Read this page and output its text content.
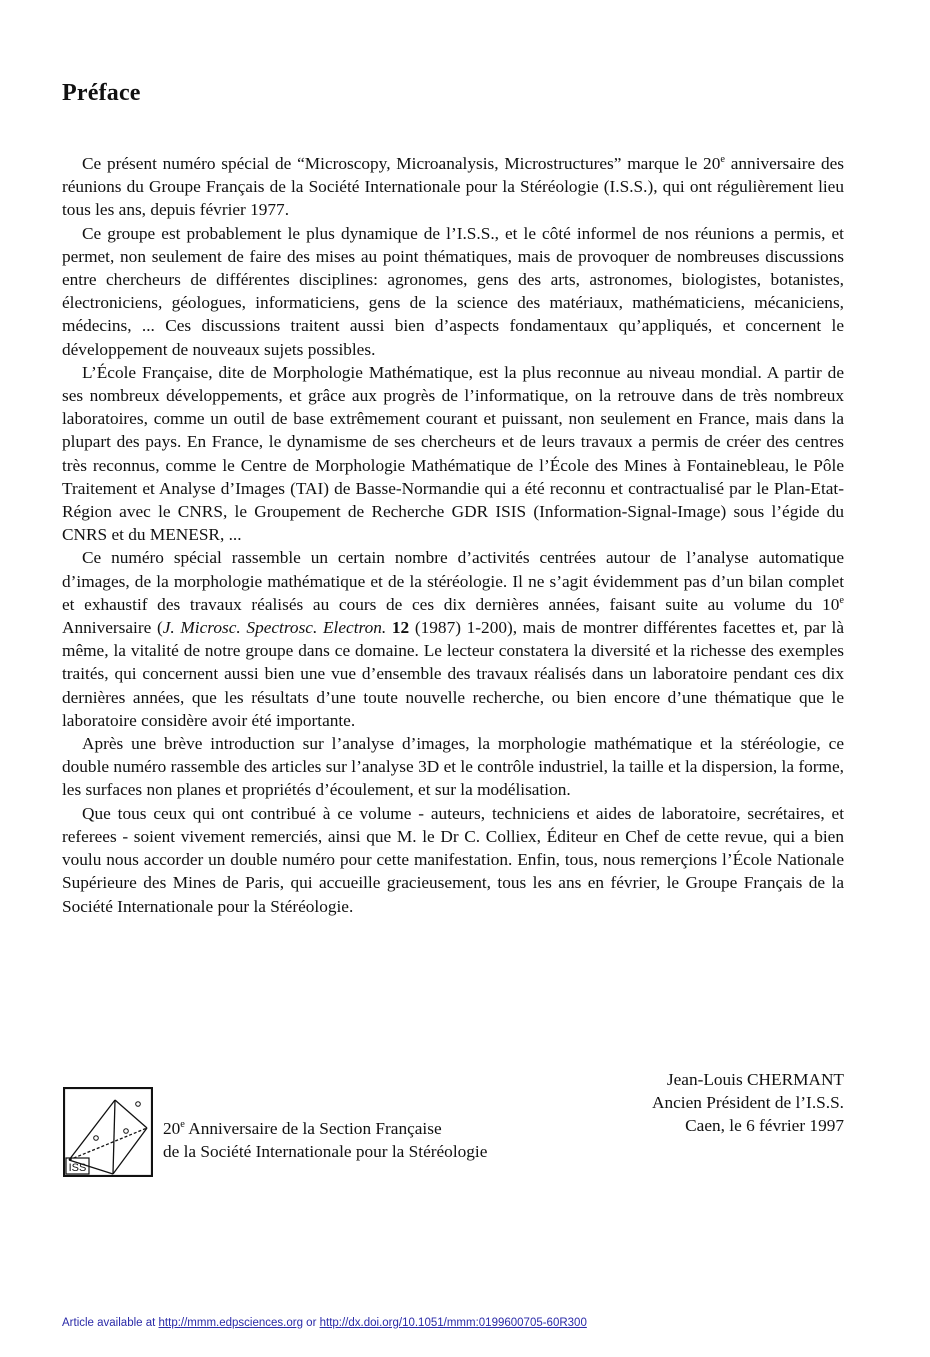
Préface

Ce présent numéro spécial de “Microscopy, Microanalysis, Microstructures” marque le 20e anniversaire des réunions du Groupe Français de la Société Internationale pour la Stéréologie (I.S.S.), qui ont régulièrement lieu tous les ans, depuis février 1977.

Ce groupe est probablement le plus dynamique de l’I.S.S., et le côté informel de nos réunions a permis, et permet, non seulement de faire des mises au point thématiques, mais de provoquer de nombreuses discussions entre chercheurs de différentes disciplines: agronomes, gens des arts, astronomes, biologistes, botanistes, électroniciens, géologues, informaticiens, gens de la science des matériaux, mathématiciens, mécaniciens, médecins, ... Ces discussions traitent aussi bien d’aspects fondamentaux qu’appliqués, et concernent le développement de nouveaux sujets possibles.

L’École Française, dite de Morphologie Mathématique, est la plus reconnue au niveau mondial. A partir de ses nombreux développements, et grâce aux progrès de l’informatique, on la retrouve dans de très nombreux laboratoires, comme un outil de base extrêmement courant et puissant, non seulement en France, mais dans la plupart des pays. En France, le dynamisme de ses chercheurs et de leurs travaux a permis de créer des centres très reconnus, comme le Centre de Morphologie Mathématique de l’École des Mines à Fontainebleau, le Pôle Traitement et Analyse d’Images (TAI) de Basse-Normandie qui a été reconnu et contractualisé par le Plan-Etat-Région avec le CNRS, le Groupement de Recherche GDR ISIS (Information-Signal-Image) sous l’égide du CNRS et du MENESR, ...

Ce numéro spécial rassemble un certain nombre d’activités centrées autour de l’analyse automatique d’images, de la morphologie mathématique et de la stéréologie. Il ne s’agit évidemment pas d’un bilan complet et exhaustif des travaux réalisés au cours de ces dix dernières années, faisant suite au volume du 10e Anniversaire (J. Microsc. Spectrosc. Electron. 12 (1987) 1-200), mais de montrer différentes facettes et, par là même, la vitalité de notre groupe dans ce domaine. Le lecteur constatera la diversité et la richesse des exemples traités, qui concernent aussi bien une vue d’ensemble des travaux réalisés dans un laboratoire pendant ces dix dernières années, que les résultats d’une toute nouvelle recherche, ou bien encore d’une thématique que le laboratoire considère avoir été importante.

Après une brève introduction sur l’analyse d’images, la morphologie mathématique et la stéréologie, ce double numéro rassemble des articles sur l’analyse 3D et le contrôle industriel, la taille et la dispersion, la forme, les surfaces non planes et propriétés d’écoulement, et sur la modélisation.

Que tous ceux qui ont contribué à ce volume - auteurs, techniciens et aides de laboratoire, secrétaires, et referees - soient vivement remerciés, ainsi que M. le Dr C. Colliex, Éditeur en Chef de cette revue, qui a bien voulu nous accorder un double numéro pour cette manifestation. Enfin, tous, nous remerçions l’École Nationale Supérieure des Mines de Paris, qui accueille gracieusement, tous les ans en février, le Groupe Français de la Société Internationale pour la Stéréologie.

Jean-Louis CHERMANT
Ancien Président de l’I.S.S.
Caen, le 6 février 1997
ISS
20e Anniversaire de la Section Française
de la Société Internationale pour la Stéréologie
Article available at http://mmm.edpsciences.org or http://dx.doi.org/10.1051/mmm:0199600705-60R300
